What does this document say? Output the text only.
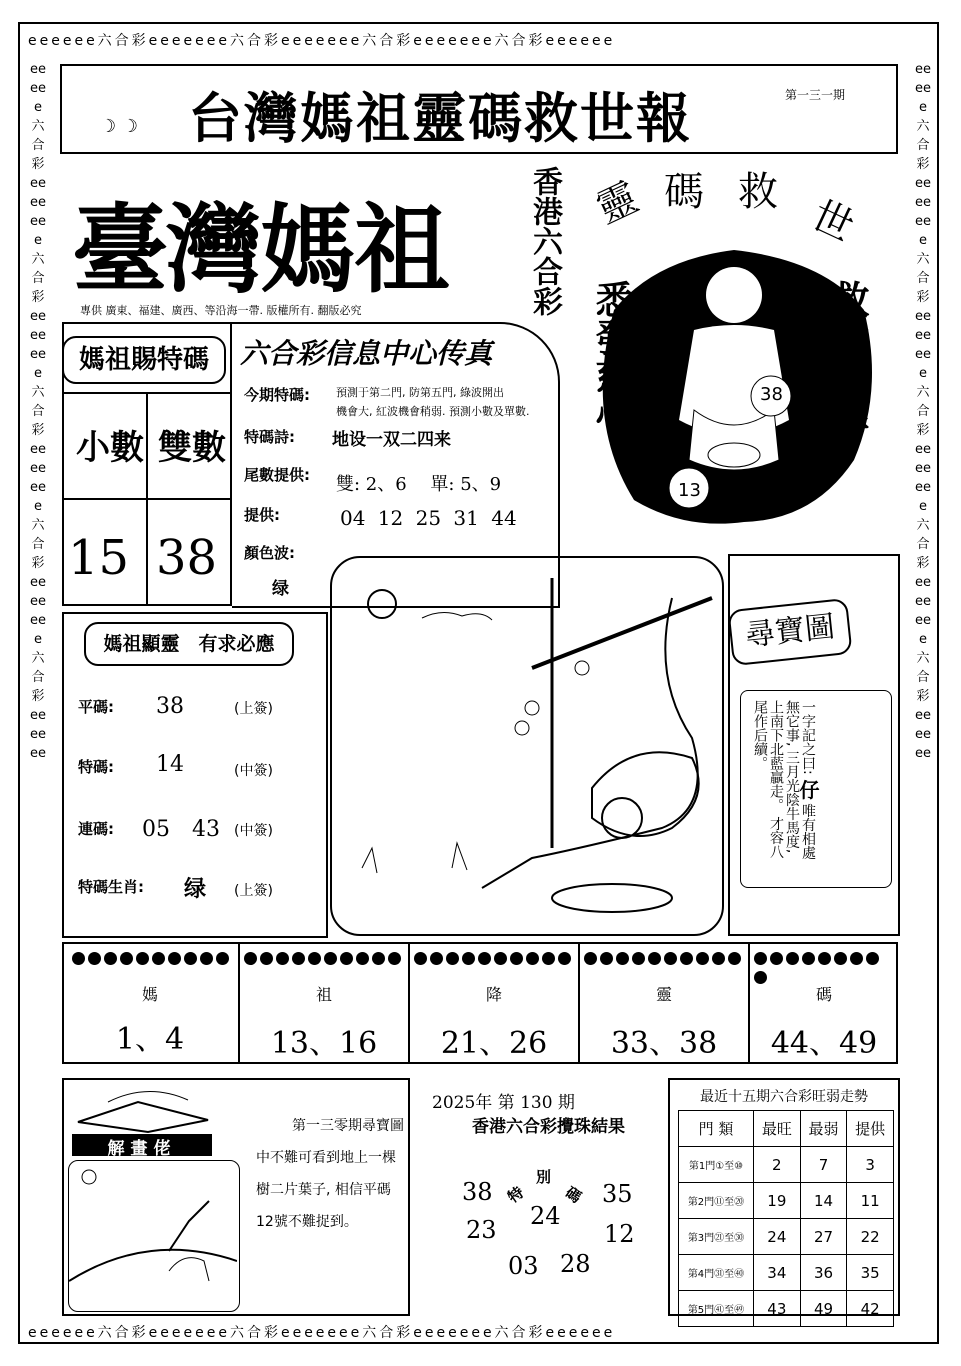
ееееее六合彩еееееее六合彩еееееее六合彩еееееее六合彩ееееее
ееееее六合彩еееееее六合彩еееееее六合彩еееееее六合彩ееееее
еееее六合彩еееееее六合彩еееееее六合彩еееееее六合彩еееееее六合彩ееееее
еееее六合彩еееееее六合彩еееееее六合彩еееееее六合彩еееееее六合彩ееееее
☽ ☽ 台灣媽祖靈碼救世報	第一三一期
臺灣媽祖	香港六合彩
專供 廣東、福建、廣西、等沿海一帶. 版權所有. 翻版必究
靈 碼 救
世
悉發慈心	救六彩難
38
13
媽祖賜特碼
小數 雙數
15 38
六合彩信息中心传真
今期特碼: 預測于第二門, 防第五門, 綠波開出
機會大, 紅波機會稍弱. 預測小數及單數.
特碼詩: 地设一双二四来
尾數提供: 雙: 2、6　 單: 5、9
提供:	04 12 25 31 44
顏色波:
绿
尋寶圖
一字記之曰: 仔 唯有相處無它事, 三月光陰牛馬度, 上南下北藍贏走。 才容八尾作后續。
媽祖顯靈　有求必應
平碼: 38	(上簽)
特碼: 14	(中簽)
連碼: 05　43 (中簽)
特碼生肖: 绿 (上簽)
媽
1、4
祖
13、16
降
21、26
靈
33、38
碼
44、49
解畫佬
第一三零期尋寶圖中不難可看到地上一棵樹二片葉子, 相信平碼12號不難捉到。
2025年 第 130 期
香港六合彩攪珠結果
特
別
碼
38	35
23 24
12
03 28
最近十五期六合彩旺弱走勢
門 類	最旺	最弱	提供
第1門①至⑩	2	7	3
第2門⑪至⑳	19	14	11
第3門㉑至㉚	24	27	22
第4門㉛至㊵	34	36	35
第5門㊶至㊾	43	49	42
